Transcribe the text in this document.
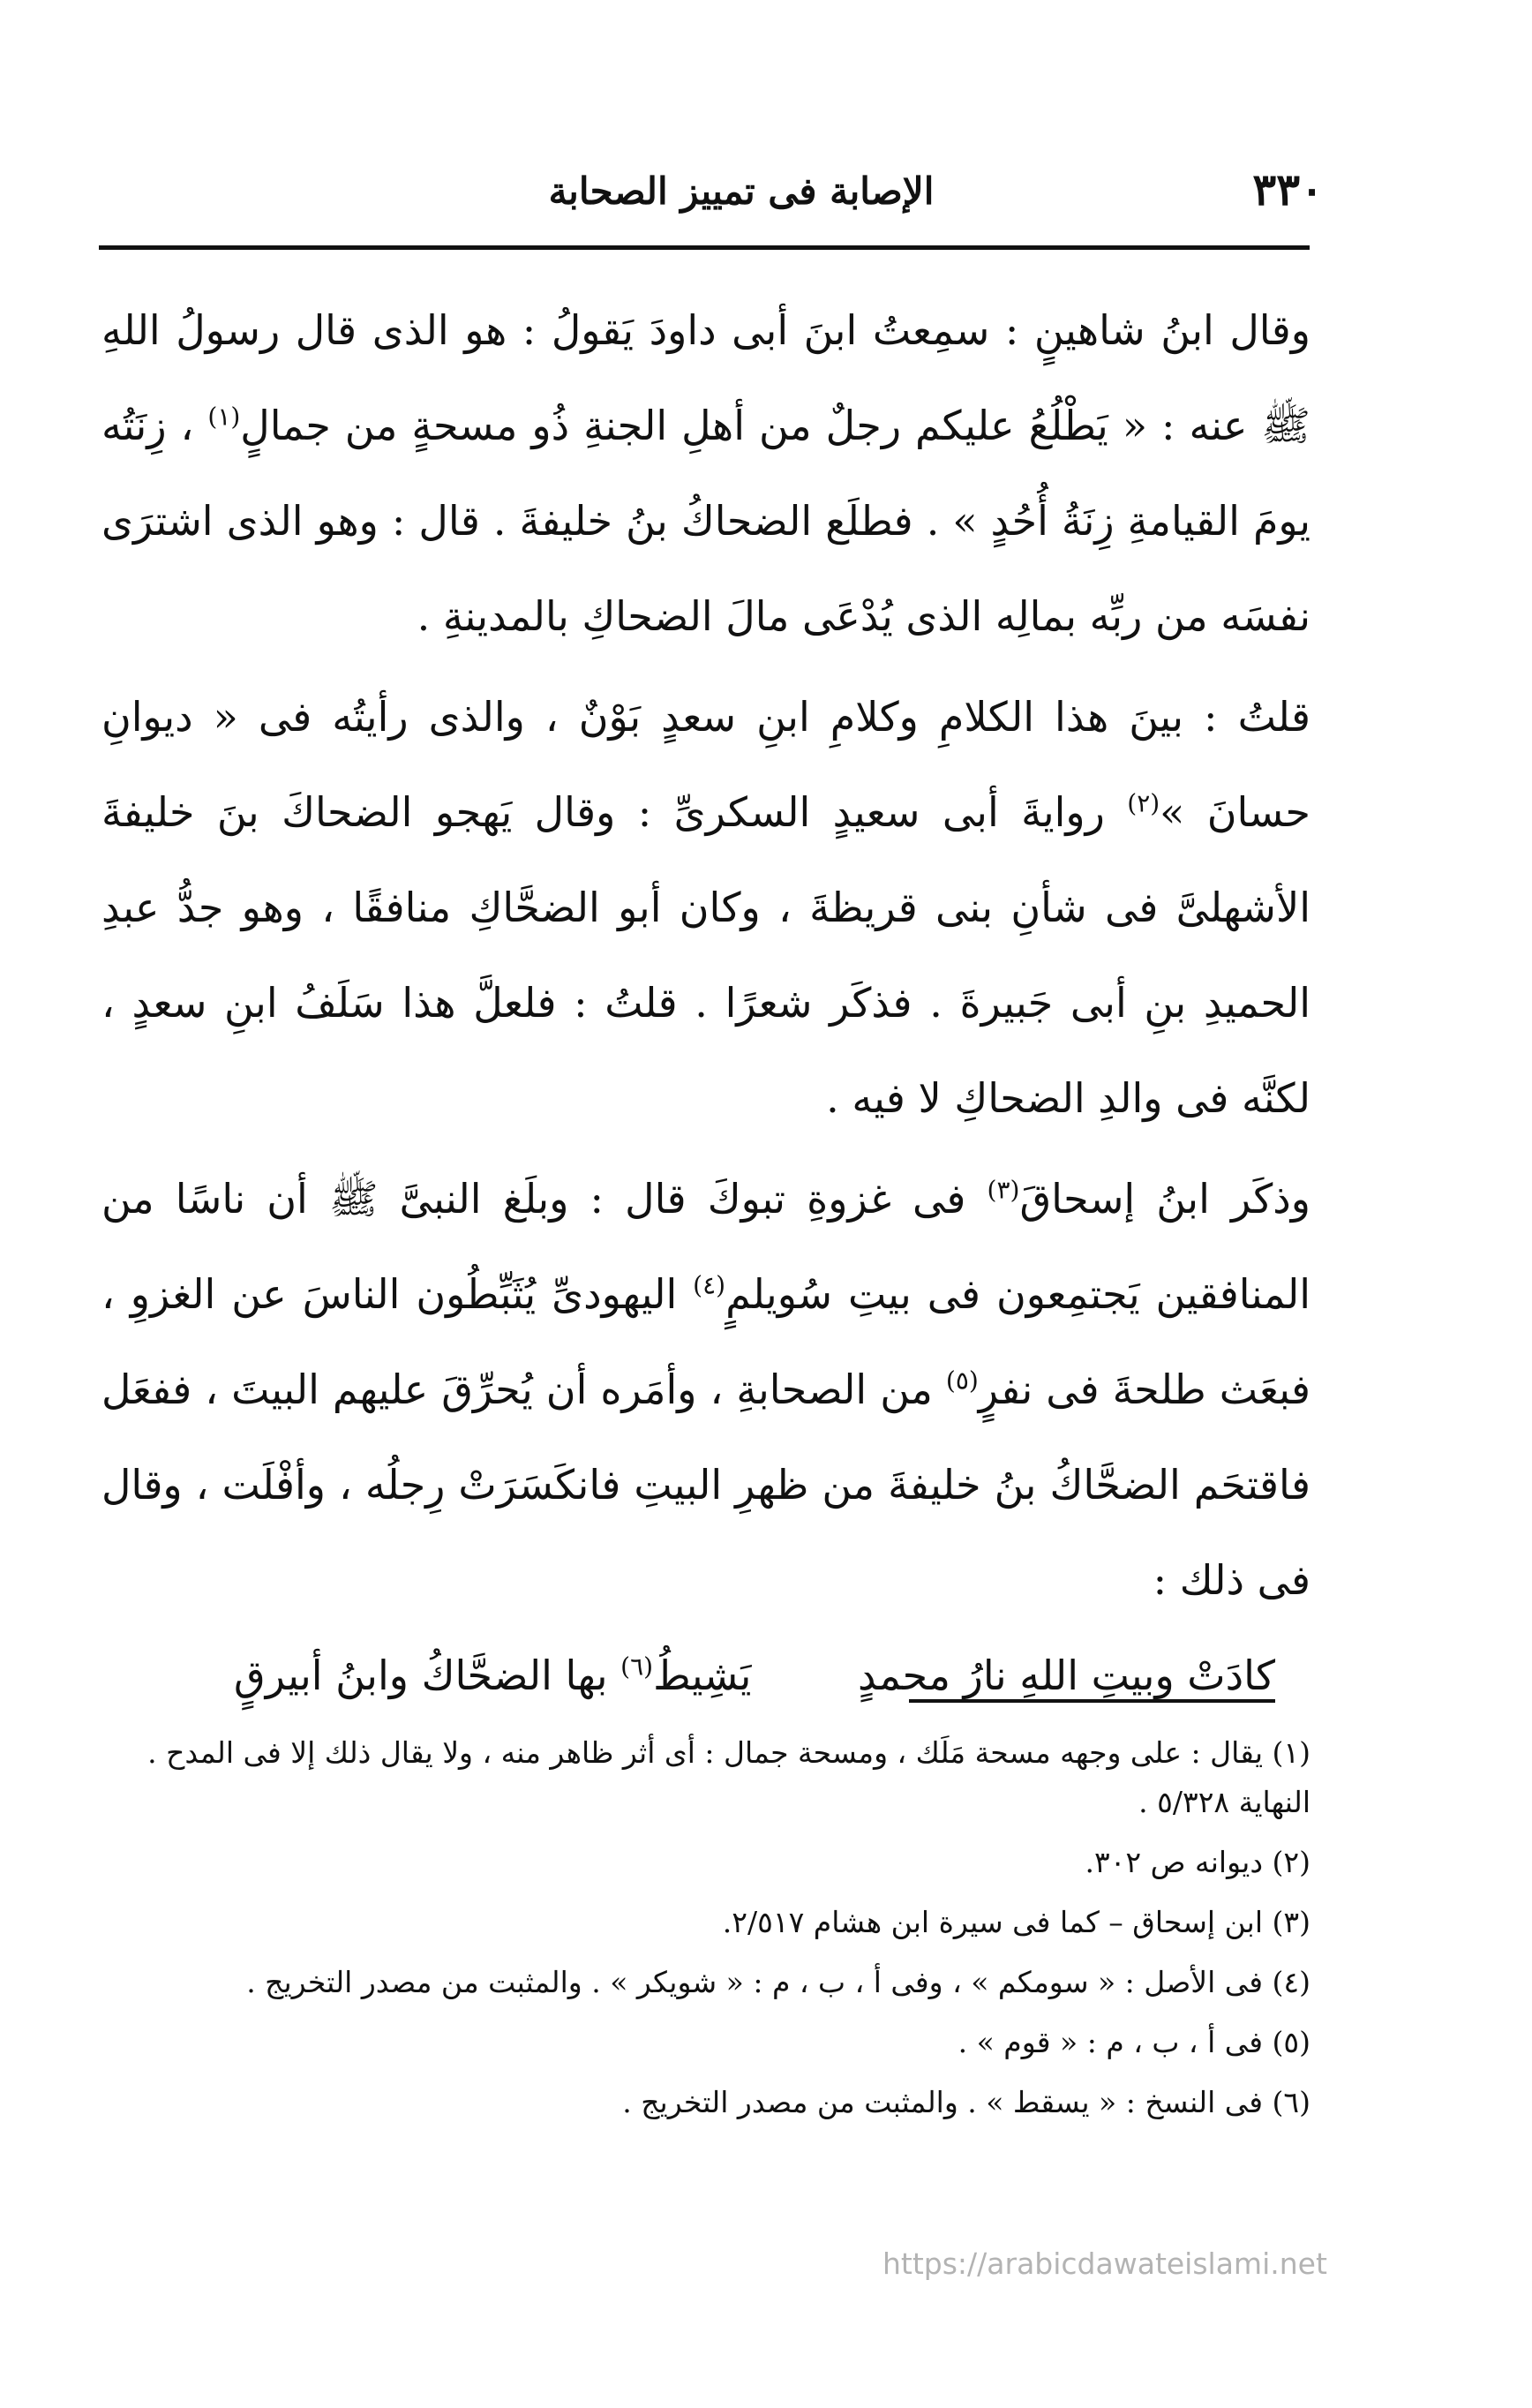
٣٣٠
الإصابة فى تمييز الصحابة

وقال ابنُ شاهينٍ : سمِعتُ ابنَ أبى داودَ يَقولُ : هو الذى قال رسولُ اللهِ ﷺ عنه : « يَطْلُعُ عليكم رجلٌ من أهلِ الجنةِ ذُو مسحةٍ من جمالٍ$^{(١)}$ ، زِنَتُه يومَ القيامةِ زِنَةُ أُحُدٍ » . فطلَع الضحاكُ بنُ خليفةَ . قال : وهو الذى اشترَى نفسَه من ربِّه بمالِه الذى يُدْعَى مالَ الضحاكِ بالمدينةِ .

قلتُ : بينَ هذا الكلامِ وكلامِ ابنِ سعدٍ بَوْنٌ ، والذى رأيتُه فى « ديوانِ حسانَ »$^{(٢)}$ روايةَ أبى سعيدٍ السكرىِّ : وقال يَهجو الضحاكَ بنَ خليفةَ الأشهلىَّ فى شأنِ بنى قريظةَ ، وكان أبو الضحَّاكِ منافقًا ، وهو جدُّ عبدِ الحميدِ بنِ أبى جَبيرةَ . فذكَر شعرًا . قلتُ : فلعلَّ هذا سَلَفُ ابنِ سعدٍ ، لكنَّه فى والدِ الضحاكِ لا فيه .

وذكَر ابنُ إسحاقَ$^{(٣)}$ فى غزوةِ تبوكَ قال : وبلَغ النبىَّ ﷺ أن ناسًا من المنافقين يَجتمِعون فى بيتِ سُويلمٍ$^{(٤)}$ اليهودىِّ يُثَبِّطُون الناسَ عن الغزوِ ، فبعَث طلحةَ فى نفرٍ$^{(٥)}$ من الصحابةِ ، وأمَره أن يُحرِّقَ عليهم البيتَ ، ففعَل فاقتحَم الضحَّاكُ بنُ خليفةَ من ظهرِ البيتِ فانكَسَرَتْ رِجلُه ، وأفْلَت ، وقال فى ذلك :

كادَتْ وبيتِ اللهِ نارُ محمدٍ
يَشِيطُ$^{(٦)}$ بها الضحَّاكُ وابنُ أبيرقٍ

(١) يقال : على وجهه مسحة مَلَك ، ومسحة جمال : أى أثر ظاهر منه ، ولا يقال ذلك إلا فى المدح . النهاية ٥/٣٢٨ .

(٢) ديوانه ص ٣٠٢.

(٣) ابن إسحاق – كما فى سيرة ابن هشام ٢/٥١٧.

(٤) فى الأصل : « سومكم » ، وفى أ ، ب ، م : « شويكر » . والمثبت من مصدر التخريج .

(٥) فى أ ، ب ، م : « قوم » .

(٦) فى النسخ : « يسقط » . والمثبت من مصدر التخريج .

https://arabicdawateislami.net
